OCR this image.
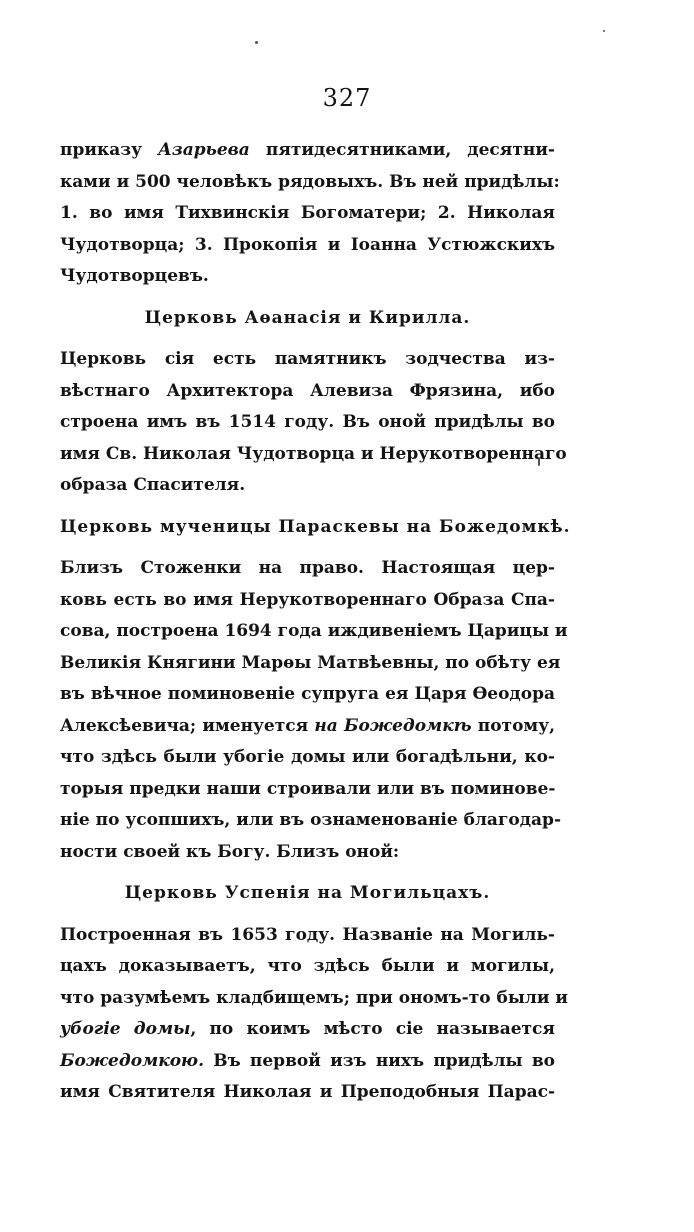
327
приказу Азарьева пятидесятниками, десятни-
ками и 500 человѣкъ рядовыхъ. Въ ней придѣлы:
1. во имя Тихвинскія Богоматери; 2. Николая
Чудотворца; 3. Прокопія и Іоанна Устюжскихъ
Чудотворцевъ.
Церковь Аѳанасія и Кирилла.
Церковь сія есть памятникъ зодчества из-
вѣстнаго Архитектора Алевиза Фрязина, ибо
строена имъ въ 1514 году. Въ оной придѣлы во
имя Св. Николая Чудотворца и Нерукотвореннаго
образа Спасителя.
Церковь мученицы Параскевы на Божедомкѣ.
Близъ Стоженки на право. Настоящая цер-
ковь есть во имя Нерукотвореннаго Образа Спа-
сова, построена 1694 года иждивеніемъ Царицы и
Великія Княгини Марѳы Матвѣевны, по обѣту ея
въ вѣчное поминовеніе супруга ея Царя Ѳеодора
Алексѣевича; именуется на Божедомкѣ потому,
что здѣсь были убогіе домы или богадѣльни, ко-
торыя предки наши строивали или въ поминове-
ніе по усопшихъ, или въ ознаменованіе благодар-
ности своей къ Богу. Близъ оной:
Церковь Успенія на Могильцахъ.
Построенная въ 1653 году. Названіе на Могиль-
цахъ доказываетъ, что здѣсь были и могилы,
что разумѣемъ кладбищемъ; при ономъ-то были и
убогіе домы, по коимъ мѣсто сіе называется
Божедомкою. Въ первой изъ нихъ придѣлы во
имя Святителя Николая и Преподобныя Парас-
